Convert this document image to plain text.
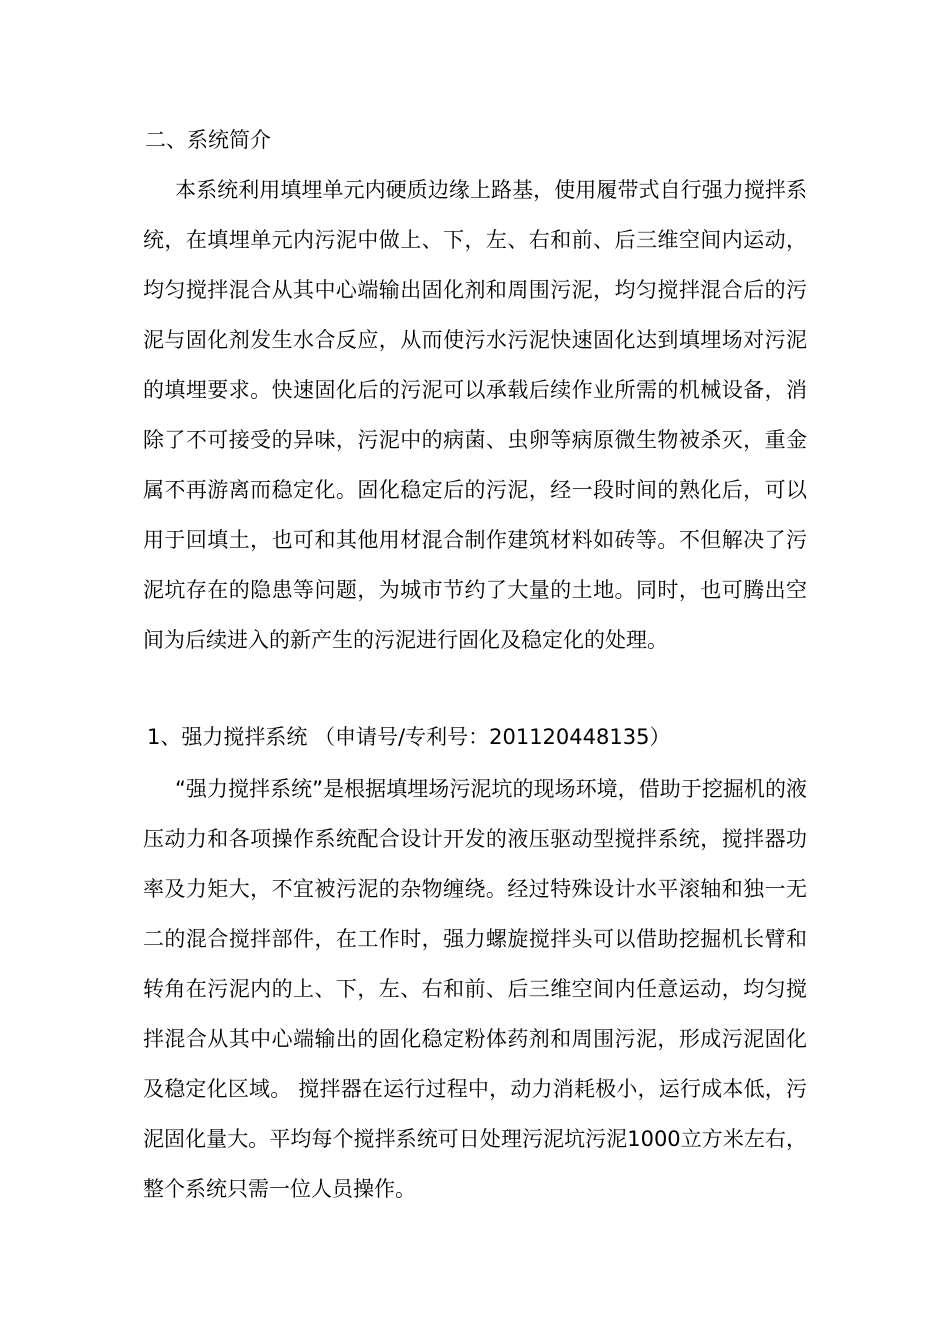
二、系统简介

本系统利用填埋单元内硬质边缘上路基，使用履带式自行强力搅拌系统，在填埋单元内污泥中做上、下，左、右和前、后三维空间内运动，均匀搅拌混合从其中心端输出固化剂和周围污泥，均匀搅拌混合后的污泥与固化剂发生水合反应，从而使污水污泥快速固化达到填埋场对污泥的填埋要求。快速固化后的污泥可以承载后续作业所需的机械设备，消除了不可接受的异味，污泥中的病菌、虫卵等病原微生物被杀灭，重金属不再游离而稳定化。固化稳定后的污泥，经一段时间的熟化后，可以用于回填土，也可和其他用材混合制作建筑材料如砖等。不但解决了污泥坑存在的隐患等问题，为城市节约了大量的土地。同时，也可腾出空间为后续进入的新产生的污泥进行固化及稳定化的处理。

1、强力搅拌系统 （申请号/专利号：201120448135）

“强力搅拌系统”是根据填埋场污泥坑的现场环境，借助于挖掘机的液压动力和各项操作系统配合设计开发的液压驱动型搅拌系统，搅拌器功率及力矩大，不宜被污泥的杂物缠绕。经过特殊设计水平滚轴和独一无二的混合搅拌部件，在工作时，强力螺旋搅拌头可以借助挖掘机长臂和转角在污泥内的上、下，左、右和前、后三维空间内任意运动，均匀搅拌混合从其中心端输出的固化稳定粉体药剂和周围污泥，形成污泥固化及稳定化区域。 搅拌器在运行过程中，动力消耗极小，运行成本低，污泥固化量大。平均每个搅拌系统可日处理污泥坑污泥1000立方米左右，整个系统只需一位人员操作。
